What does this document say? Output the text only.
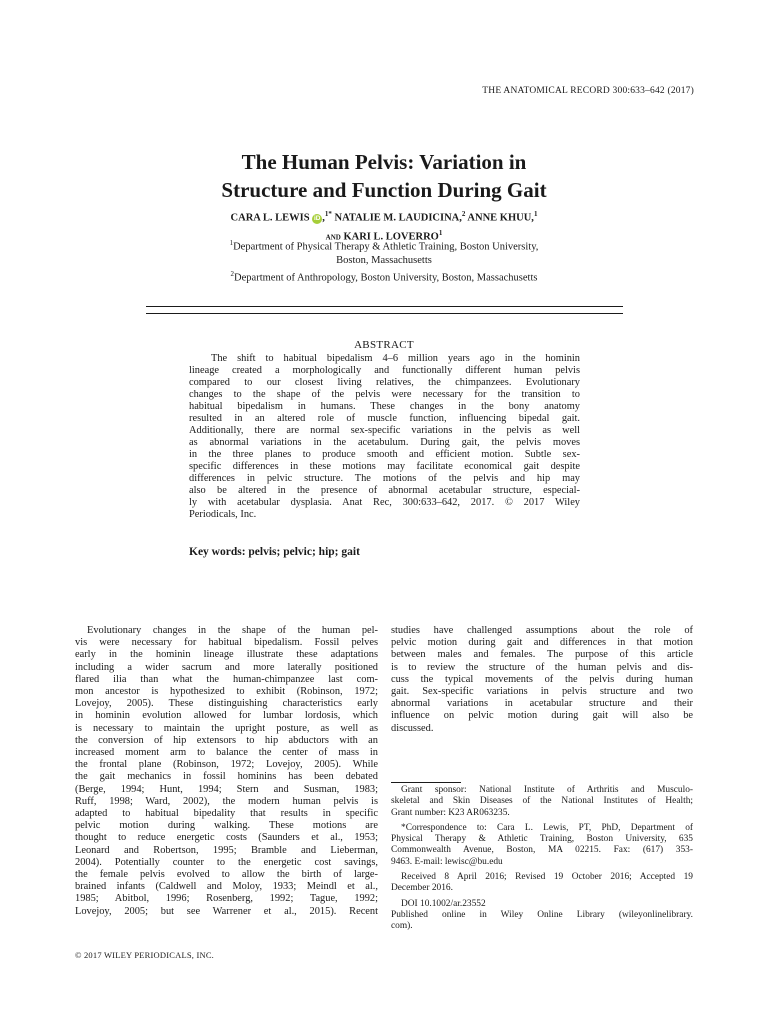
THE ANATOMICAL RECORD 300:633–642 (2017)
The Human Pelvis: Variation in
Structure and Function During Gait
CARA L. LEWIS iD ,$^{1*}$ NATALIE M. LAUDICINA,$^2$ ANNE KHUU,$^1$
and KARI L. LOVERRO$^1$
$^1$Department of Physical Therapy & Athletic Training, Boston University,
Boston, Massachusetts
$^2$Department of Anthropology, Boston University, Boston, Massachusetts
ABSTRACT
The shift to habitual bipedalism 4–6 million years ago in the hominin
lineage created a morphologically and functionally different human pelvis
compared to our closest living relatives, the chimpanzees. Evolutionary
changes to the shape of the pelvis were necessary for the transition to
habitual bipedalism in humans. These changes in the bony anatomy
resulted in an altered role of muscle function, influencing bipedal gait.
Additionally, there are normal sex-specific variations in the pelvis as well
as abnormal variations in the acetabulum. During gait, the pelvis moves
in the three planes to produce smooth and efficient motion. Subtle sex-
specific differences in these motions may facilitate economical gait despite
differences in pelvic structure. The motions of the pelvis and hip may
also be altered in the presence of abnormal acetabular structure, especial-
ly with acetabular dysplasia. Anat Rec, 300:633–642, 2017. © 2017 Wiley
Periodicals, Inc.
Key words: pelvis; pelvic; hip; gait
Evolutionary changes in the shape of the human pel-
vis were necessary for habitual bipedalism. Fossil pelves
early in the hominin lineage illustrate these adaptations
including a wider sacrum and more laterally positioned
flared ilia than what the human-chimpanzee last com-
mon ancestor is hypothesized to exhibit (Robinson, 1972;
Lovejoy, 2005). These distinguishing characteristics early
in hominin evolution allowed for lumbar lordosis, which
is necessary to maintain the upright posture, as well as
the conversion of hip extensors to hip abductors with an
increased moment arm to balance the center of mass in
the frontal plane (Robinson, 1972; Lovejoy, 2005). While
the gait mechanics in fossil hominins has been debated
(Berge, 1994; Hunt, 1994; Stern and Susman, 1983;
Ruff, 1998; Ward, 2002), the modern human pelvis is
adapted to habitual bipedality that results in specific
pelvic motion during walking. These motions are
thought to reduce energetic costs (Saunders et al., 1953;
Leonard and Robertson, 1995; Bramble and Lieberman,
2004). Potentially counter to the energetic cost savings,
the female pelvis evolved to allow the birth of large-
brained infants (Caldwell and Moloy, 1933; Meindl et al.,
1985; Abitbol, 1996; Rosenberg, 1992; Tague, 1992;
Lovejoy, 2005; but see Warrener et al., 2015). Recent
studies have challenged assumptions about the role of
pelvic motion during gait and differences in that motion
between males and females. The purpose of this article
is to review the structure of the human pelvis and dis-
cuss the typical movements of the pelvis during human
gait. Sex-specific variations in pelvis structure and two
abnormal variations in acetabular structure and their
influence on pelvic motion during gait will also be
discussed.
Grant sponsor: National Institute of Arthritis and Musculo-
skeletal and Skin Diseases of the National Institutes of Health;
Grant number: K23 AR063235.
*Correspondence to: Cara L. Lewis, PT, PhD, Department of
Physical Therapy & Athletic Training, Boston University, 635
Commonwealth Avenue, Boston, MA 02215. Fax: (617) 353-
9463. E-mail: lewisc@bu.edu
Received 8 April 2016; Revised 19 October 2016; Accepted 19
December 2016.
DOI 10.1002/ar.23552
Published online in Wiley Online Library (wileyonlinelibrary.
com).
© 2017 WILEY PERIODICALS, INC.
